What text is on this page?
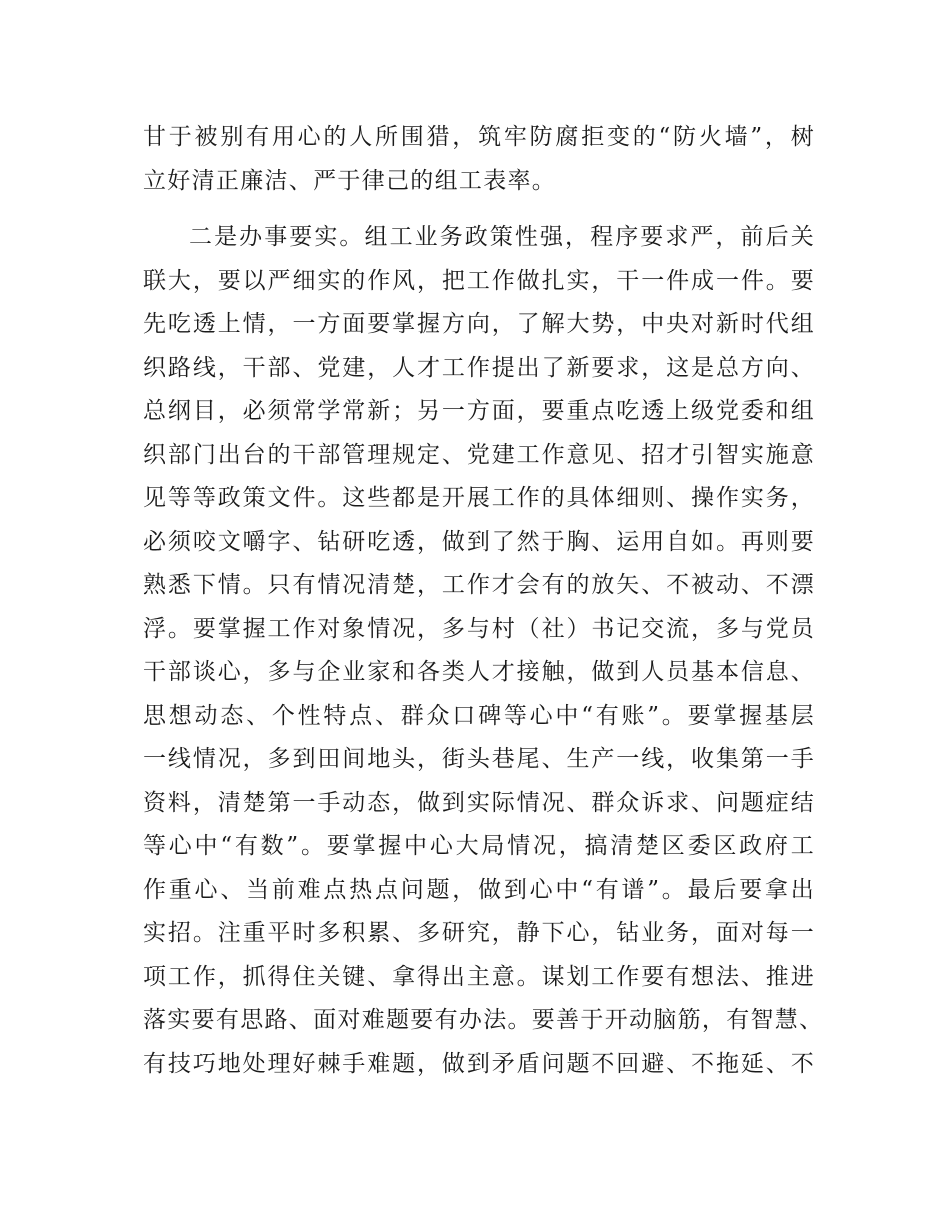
甘于被别有用心的人所围猎，筑牢防腐拒变的“防火墙”，树
立好清正廉洁、严于律己的组工表率。
二是办事要实。组工业务政策性强，程序要求严，前后关
联大，要以严细实的作风，把工作做扎实，干一件成一件。要
先吃透上情，一方面要掌握方向，了解大势，中央对新时代组
织路线，干部、党建，人才工作提出了新要求，这是总方向、
总纲目，必须常学常新；另一方面，要重点吃透上级党委和组
织部门出台的干部管理规定、党建工作意见、招才引智实施意
见等等政策文件。这些都是开展工作的具体细则、操作实务，
必须咬文嚼字、钻研吃透，做到了然于胸、运用自如。再则要
熟悉下情。只有情况清楚，工作才会有的放矢、不被动、不漂
浮。要掌握工作对象情况，多与村（社）书记交流，多与党员
干部谈心，多与企业家和各类人才接触，做到人员基本信息、
思想动态、个性特点、群众口碑等心中“有账”。要掌握基层
一线情况，多到田间地头，街头巷尾、生产一线，收集第一手
资料，清楚第一手动态，做到实际情况、群众诉求、问题症结
等心中“有数”。要掌握中心大局情况，搞清楚区委区政府工
作重心、当前难点热点问题，做到心中“有谱”。最后要拿出
实招。注重平时多积累、多研究，静下心，钻业务，面对每一
项工作，抓得住关键、拿得出主意。谋划工作要有想法、推进
落实要有思路、面对难题要有办法。要善于开动脑筋，有智慧、
有技巧地处理好棘手难题，做到矛盾问题不回避、不拖延、不
